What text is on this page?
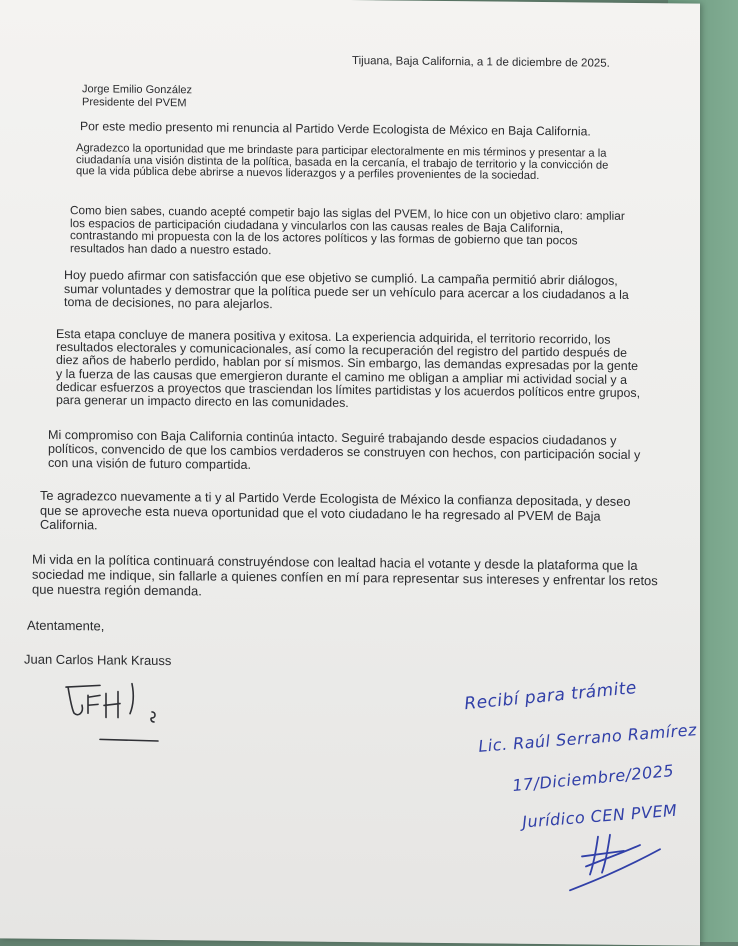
Tijuana, Baja California, a 1 de diciembre de 2025.
Jorge Emilio González
Presidente del PVEM

Por este medio presento mi renuncia al Partido Verde Ecologista de México en Baja California.

Agradezco la oportunidad que me brindaste para participar electoralmente en mis términos y presentar a la ciudadanía una visión distinta de la política, basada en la cercanía, el trabajo de territorio y la convicción de que la vida pública debe abrirse a nuevos liderazgos y a perfiles provenientes de la sociedad.

Como bien sabes, cuando acepté competir bajo las siglas del PVEM, lo hice con un objetivo claro: ampliar los espacios de participación ciudadana y vincularlos con las causas reales de Baja California, contrastando mi propuesta con la de los actores políticos y las formas de gobierno que tan pocos resultados han dado a nuestro estado.

Hoy puedo afirmar con satisfacción que ese objetivo se cumplió. La campaña permitió abrir diálogos, sumar voluntades y demostrar que la política puede ser un vehículo para acercar a los ciudadanos a la toma de decisiones, no para alejarlos.

Esta etapa concluye de manera positiva y exitosa. La experiencia adquirida, el territorio recorrido, los resultados electorales y comunicacionales, así como la recuperación del registro del partido después de diez años de haberlo perdido, hablan por sí mismos. Sin embargo, las demandas expresadas por la gente y la fuerza de las causas que emergieron durante el camino me obligan a ampliar mi actividad social y a dedicar esfuerzos a proyectos que trasciendan los límites partidistas y los acuerdos políticos entre grupos, para generar un impacto directo en las comunidades.

Mi compromiso con Baja California continúa intacto. Seguiré trabajando desde espacios ciudadanos y políticos, convencido de que los cambios verdaderos se construyen con hechos, con participación social y con una visión de futuro compartida.

Te agradezco nuevamente a ti y al Partido Verde Ecologista de México la confianza depositada, y deseo que se aproveche esta nueva oportunidad que el voto ciudadano le ha regresado al PVEM de Baja California.

Mi vida en la política continuará construyéndose con lealtad hacia el votante y desde la plataforma que la sociedad me indique, sin fallarle a quienes confíen en mí para representar sus intereses y enfrentar los retos que nuestra región demanda.

Atentamente,
Juan Carlos Hank Krauss
Recibí para trámite
Lic. Raúl Serrano Ramírez
17/Diciembre/2025
Jurídico CEN PVEM
